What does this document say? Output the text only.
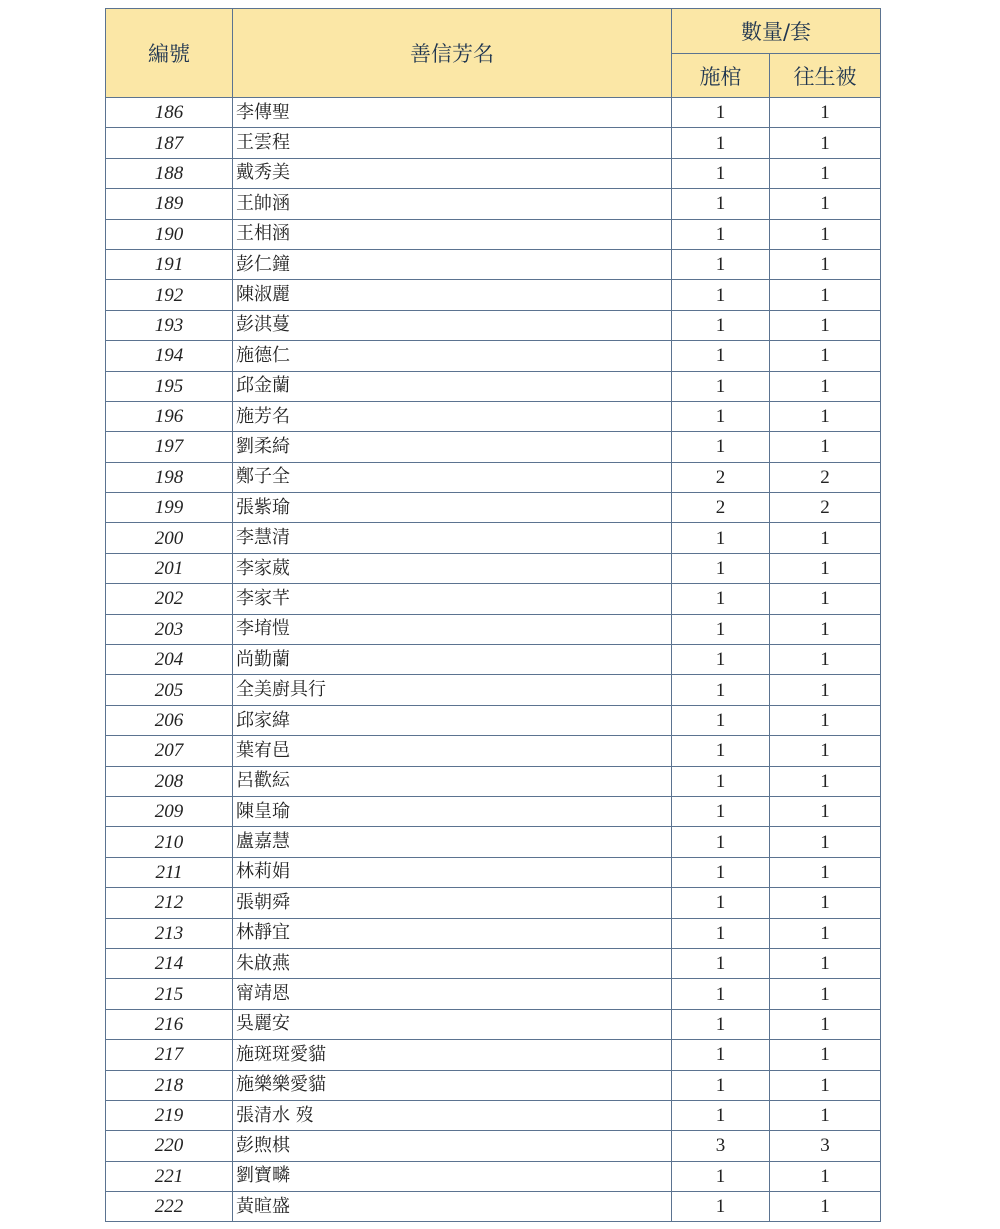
編號	善信芳名	數量/套	
		施棺	往生被
186	李傳聖	1	1
187	王雲程	1	1
188	戴秀美	1	1
189	王帥涵	1	1
190	王相涵	1	1
191	彭仁鐘	1	1
192	陳淑麗	1	1
193	彭淇蔓	1	1
194	施德仁	1	1
195	邱金蘭	1	1
196	施芳名	1	1
197	劉柔綺	1	1
198	鄭子全	2	2
199	張紫瑜	2	2
200	李慧清	1	1
201	李家葳	1	1
202	李家芊	1	1
203	李堉愷	1	1
204	尚勤蘭	1	1
205	全美廚具行	1	1
206	邱家緯	1	1
207	葉宥邑	1	1
208	呂歡紜	1	1
209	陳皇瑜	1	1
210	盧嘉慧	1	1
211	林莉娟	1	1
212	張朝舜	1	1
213	林靜宜	1	1
214	朱啟燕	1	1
215	甯靖恩	1	1
216	吳麗安	1	1
217	施斑斑愛貓	1	1
218	施樂樂愛貓	1	1
219	張清水 歿	1	1
220	彭煦棋	3	3
221	劉寶疄	1	1
222	黃暄盛	1	1
